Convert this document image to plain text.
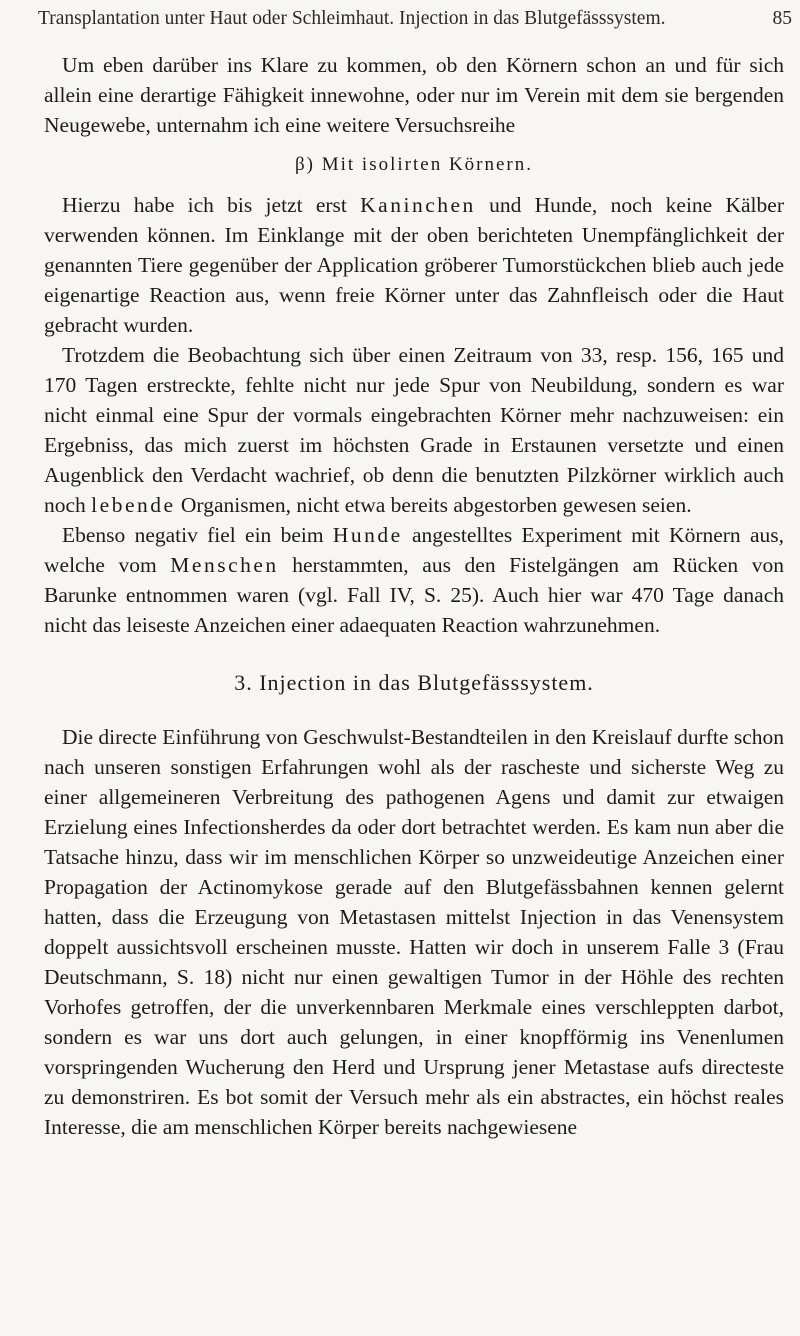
Transplantation unter Haut oder Schleimhaut. Injection in das Blutgefässsystem.	85

Um eben darüber ins Klare zu kommen, ob den Körnern schon an und für sich allein eine derartige Fähigkeit innewohne, oder nur im Verein mit dem sie bergenden Neugewebe, unternahm ich eine weitere Versuchsreihe

β) Mit isolirten Körnern.

Hierzu habe ich bis jetzt erst Kaninchen und Hunde, noch keine Kälber verwenden können. Im Einklange mit der oben berichteten Unempfänglichkeit der genannten Tiere gegenüber der Application gröberer Tumorstückchen blieb auch jede eigenartige Reaction aus, wenn freie Körner unter das Zahnfleisch oder die Haut gebracht wurden.

Trotzdem die Beobachtung sich über einen Zeitraum von 33, resp. 156, 165 und 170 Tagen erstreckte, fehlte nicht nur jede Spur von Neubildung, sondern es war nicht einmal eine Spur der vormals eingebrachten Körner mehr nachzuweisen: ein Ergebniss, das mich zuerst im höchsten Grade in Erstaunen versetzte und einen Augenblick den Verdacht wachrief, ob denn die benutzten Pilzkörner wirklich auch noch lebende Organismen, nicht etwa bereits abgestorben gewesen seien.

Ebenso negativ fiel ein beim Hunde angestelltes Experiment mit Körnern aus, welche vom Menschen herstammten, aus den Fistelgängen am Rücken von Barunke entnommen waren (vgl. Fall IV, S. 25). Auch hier war 470 Tage danach nicht das leiseste Anzeichen einer adaequaten Reaction wahrzunehmen.

3. Injection in das Blutgefässsystem.

Die directe Einführung von Geschwulst-Bestandteilen in den Kreislauf durfte schon nach unseren sonstigen Erfahrungen wohl als der rascheste und sicherste Weg zu einer allgemeineren Verbreitung des pathogenen Agens und damit zur etwaigen Erzielung eines Infectionsherdes da oder dort betrachtet werden. Es kam nun aber die Tatsache hinzu, dass wir im menschlichen Körper so unzweideutige Anzeichen einer Propagation der Actinomykose gerade auf den Blutgefässbahnen kennen gelernt hatten, dass die Erzeugung von Metastasen mittelst Injection in das Venensystem doppelt aussichtsvoll erscheinen musste. Hatten wir doch in unserem Falle 3 (Frau Deutschmann, S. 18) nicht nur einen gewaltigen Tumor in der Höhle des rechten Vorhofes getroffen, der die unverkennbaren Merkmale eines verschleppten darbot, sondern es war uns dort auch gelungen, in einer knopfförmig ins Venenlumen vorspringenden Wucherung den Herd und Ursprung jener Metastase aufs directeste zu demonstriren. Es bot somit der Versuch mehr als ein abstractes, ein höchst reales Interesse, die am menschlichen Körper bereits nachgewiesene
